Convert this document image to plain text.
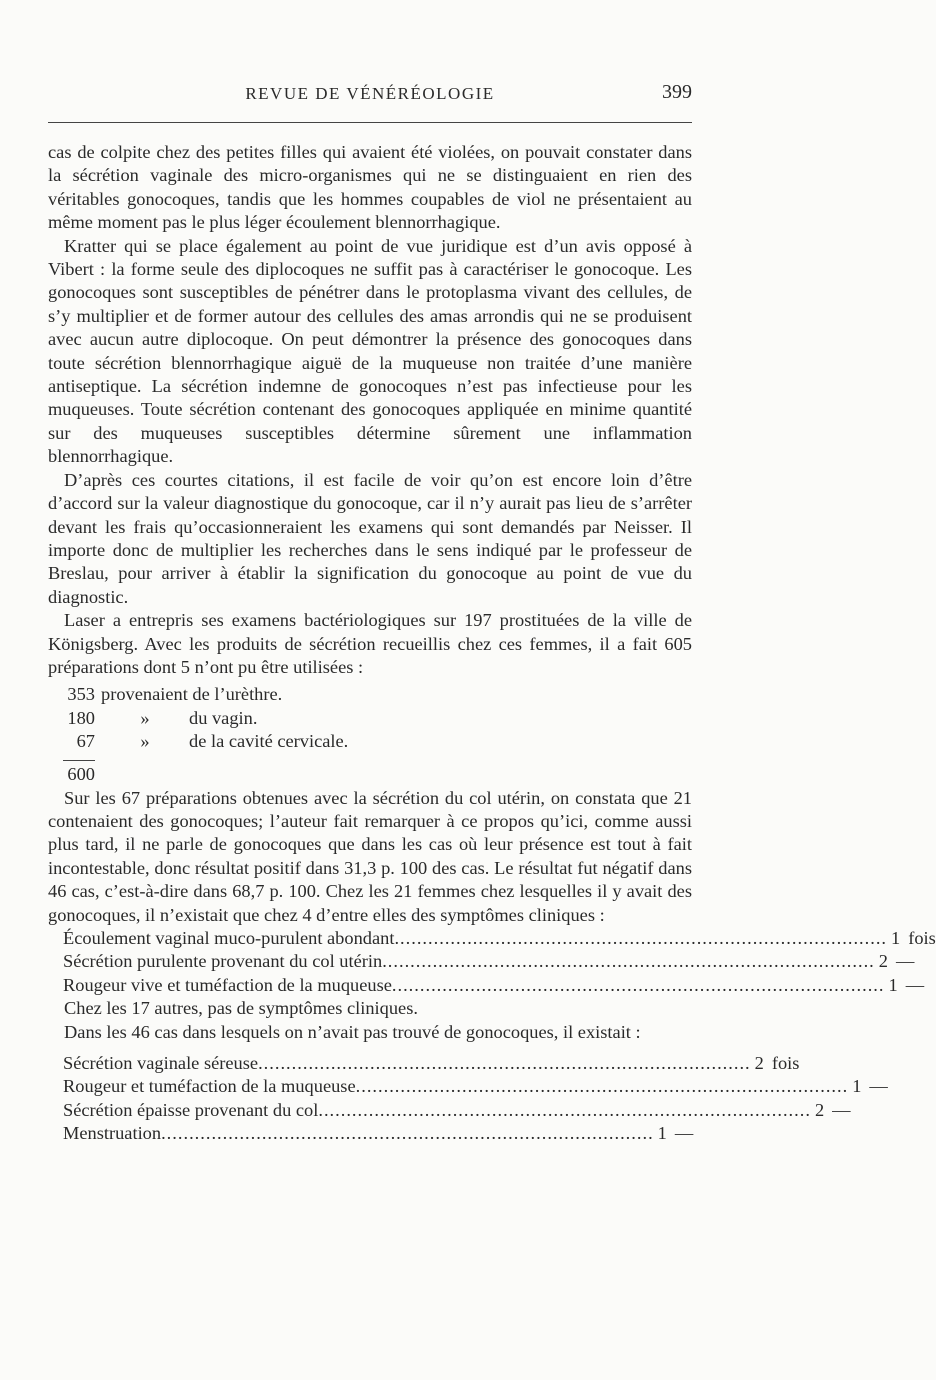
REVUE DE VÉNÉRÉOLOGIE	399

cas de colpite chez des petites filles qui avaient été violées, on pouvait constater dans la sécrétion vaginale des micro-organismes qui ne se distinguaient en rien des véritables gonocoques, tandis que les hommes coupables de viol ne présentaient au même moment pas le plus léger écoulement blennorrhagique.

Kratter qui se place également au point de vue juridique est d’un avis opposé à Vibert : la forme seule des diplocoques ne suffit pas à caractériser le gonocoque. Les gonocoques sont susceptibles de pénétrer dans le protoplasma vivant des cellules, de s’y multiplier et de former autour des cellules des amas arrondis qui ne se produisent avec aucun autre diplocoque. On peut démontrer la présence des gonocoques dans toute sécrétion blennorrhagique aiguë de la muqueuse non traitée d’une manière antiseptique. La sécrétion indemne de gonocoques n’est pas infectieuse pour les muqueuses. Toute sécrétion contenant des gonocoques appliquée en minime quantité sur des muqueuses susceptibles détermine sûrement une inflammation blennorrhagique.

D’après ces courtes citations, il est facile de voir qu’on est encore loin d’être d’accord sur la valeur diagnostique du gonocoque, car il n’y aurait pas lieu de s’arrêter devant les frais qu’occasionneraient les examens qui sont demandés par Neisser. Il importe donc de multiplier les recherches dans le sens indiqué par le professeur de Breslau, pour arriver à établir la signification du gonocoque au point de vue du diagnostic.

Laser a entrepris ses examens bactériologiques sur 197 prostituées de la ville de Königsberg. Avec les produits de sécrétion recueillis chez ces femmes, il a fait 605 préparations dont 5 n’ont pu être utilisées :

353 provenaient de l’urèthre.
180	»	du vagin.
67	»	de la cavité cervicale.
600

Sur les 67 préparations obtenues avec la sécrétion du col utérin, on constata que 21 contenaient des gonocoques; l’auteur fait remarquer à ce propos qu’ici, comme aussi plus tard, il ne parle de gonocoques que dans les cas où leur présence est tout à fait incontestable, donc résultat positif dans 31,3 p. 100 des cas. Le résultat fut négatif dans 46 cas, c’est-à-dire dans 68,7 p. 100. Chez les 21 femmes chez lesquelles il y avait des gonocoques, il n’existait que chez 4 d’entre elles des symptômes cliniques :

Écoulement vaginal muco-purulent abondant ........................................................................................ 1 fois
Sécrétion purulente provenant du col utérin ........................................................................................ 2 —
Rougeur vive et tuméfaction de la muqueuse ........................................................................................ 1 —

Chez les 17 autres, pas de symptômes cliniques.

Dans les 46 cas dans lesquels on n’avait pas trouvé de gonocoques, il existait :

Sécrétion vaginale séreuse ........................................................................................ 2 fois
Rougeur et tuméfaction de la muqueuse ........................................................................................ 1 —
Sécrétion épaisse provenant du col ........................................................................................ 2 —
Menstruation ........................................................................................ 1 —
